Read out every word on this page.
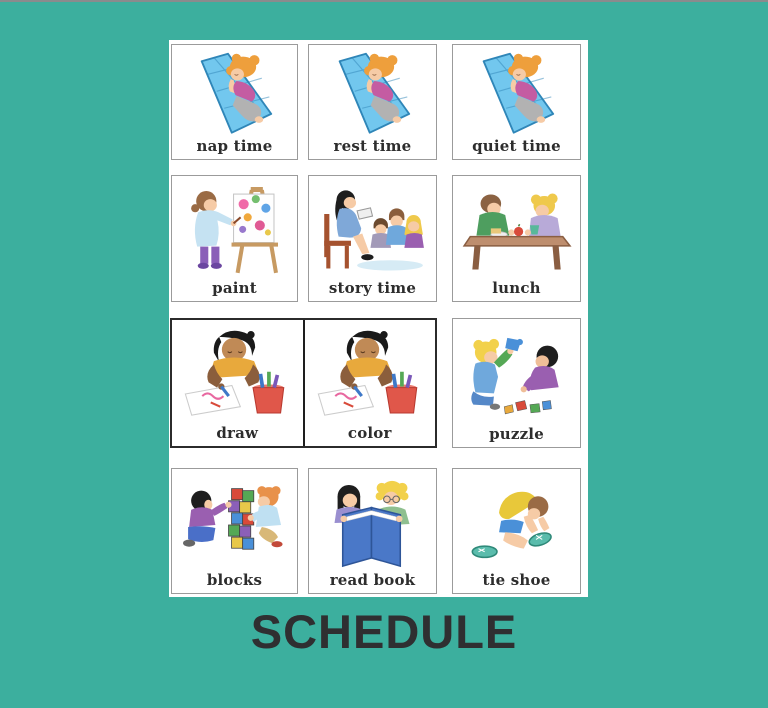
nap time	rest time	quiet time
paint	story time	lunch
draw	color	puzzle
blocks	read book	tie shoe
SCHEDULE
